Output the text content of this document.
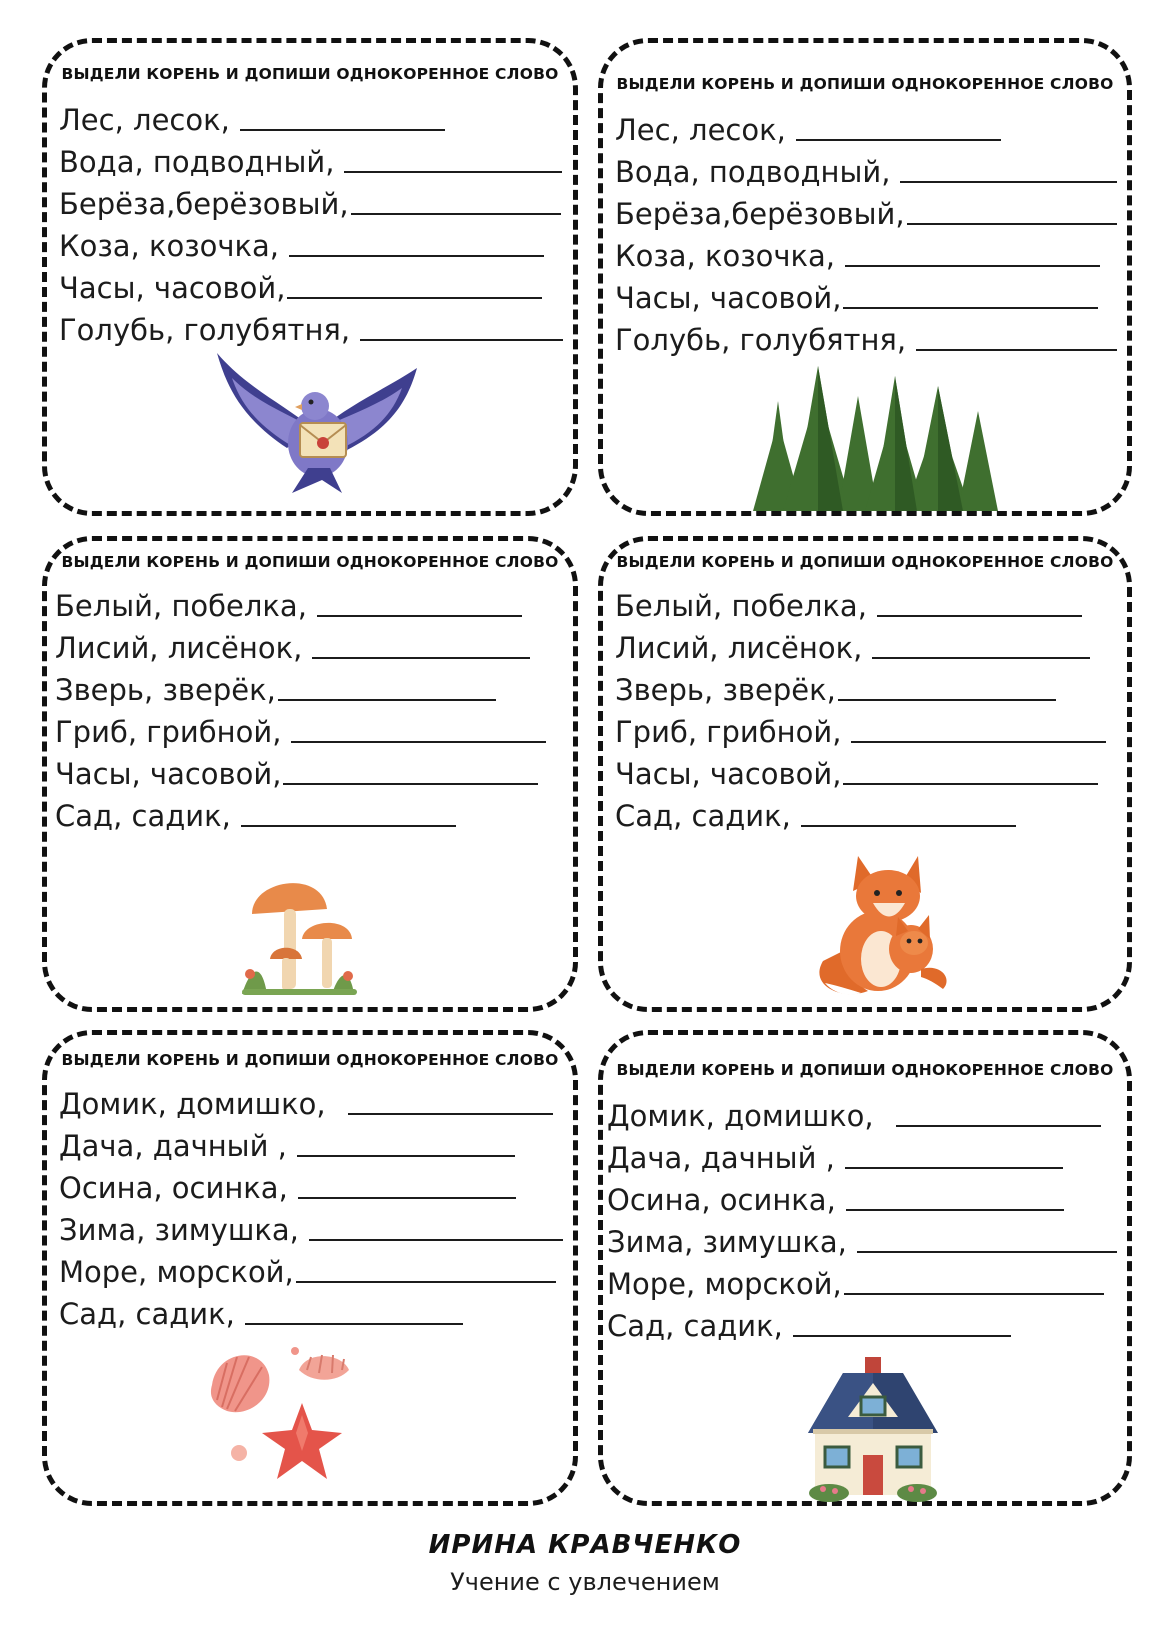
ВЫДЕЛИ КОРЕНЬ И ДОПИШИ ОДНОКОРЕННОЕ СЛОВО
Лес, лесок,
Вода, подводный,
Берёза,берёзовый,
Коза, козочка,
Часы, часовой,
Голубь, голубятня,
ВЫДЕЛИ КОРЕНЬ И ДОПИШИ ОДНОКОРЕННОЕ СЛОВО
Лес, лесок,
Вода, подводный,
Берёза,берёзовый,
Коза, козочка,
Часы, часовой,
Голубь, голубятня,
ВЫДЕЛИ КОРЕНЬ И ДОПИШИ ОДНОКОРЕННОЕ СЛОВО
Белый, побелка,
Лисий, лисёнок,
Зверь, зверёк,
Гриб, грибной,
Часы, часовой,
Сад, садик,
ВЫДЕЛИ КОРЕНЬ И ДОПИШИ ОДНОКОРЕННОЕ СЛОВО
Белый, побелка,
Лисий, лисёнок,
Зверь, зверёк,
Гриб, грибной,
Часы, часовой,
Сад, садик,
ВЫДЕЛИ КОРЕНЬ И ДОПИШИ ОДНОКОРЕННОЕ СЛОВО
Домик, домишко,
Дача, дачный ,
Осина, осинка,
Зима, зимушка,
Море, морской,
Сад, садик,
ВЫДЕЛИ КОРЕНЬ И ДОПИШИ ОДНОКОРЕННОЕ СЛОВО
Домик, домишко,
Дача, дачный ,
Осина, осинка,
Зима, зимушка,
Море, морской,
Сад, садик,
ИРИНА КРАВЧЕНКО
Учение с увлечением
